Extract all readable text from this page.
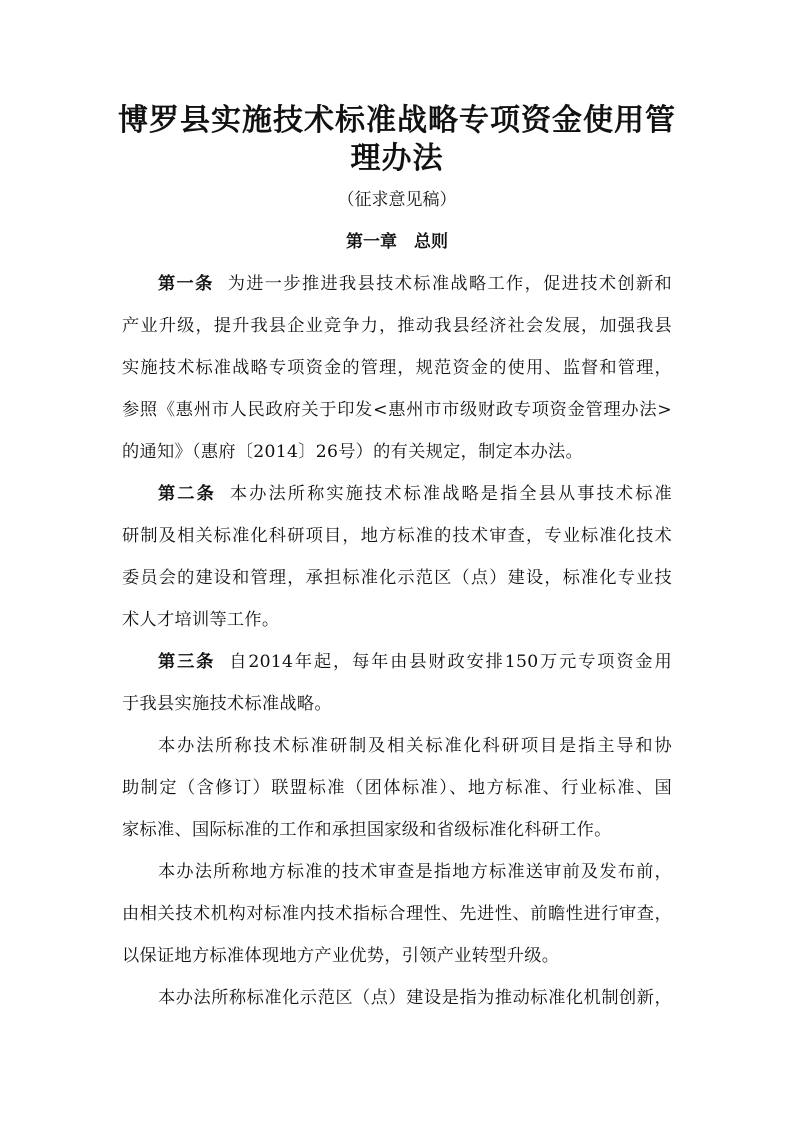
博罗县实施技术标准战略专项资金使用管
理办法
（征求意见稿）
第一章　总则
第一条 为进一步推进我县技术标准战略工作，促进技术创新和
产业升级，提升我县企业竞争力，推动我县经济社会发展，加强我县
实施技术标准战略专项资金的管理，规范资金的使用、监督和管理，
参照《惠州市人民政府关于印发<惠州市市级财政专项资金管理办法>
的通知》（惠府〔2014〕26号）的有关规定，制定本办法。
第二条 本办法所称实施技术标准战略是指全县从事技术标准
研制及相关标准化科研项目，地方标准的技术审查，专业标准化技术
委员会的建设和管理，承担标准化示范区（点）建设，标准化专业技
术人才培训等工作。
第三条 自2014年起，每年由县财政安排150万元专项资金用
于我县实施技术标准战略。
本办法所称技术标准研制及相关标准化科研项目是指主导和协
助制定（含修订）联盟标准（团体标准）、地方标准、行业标准、国
家标准、国际标准的工作和承担国家级和省级标准化科研工作。
本办法所称地方标准的技术审查是指地方标准送审前及发布前，
由相关技术机构对标准内技术指标合理性、先进性、前瞻性进行审查，
以保证地方标准体现地方产业优势，引领产业转型升级。
本办法所称标准化示范区（点）建设是指为推动标准化机制创新，
